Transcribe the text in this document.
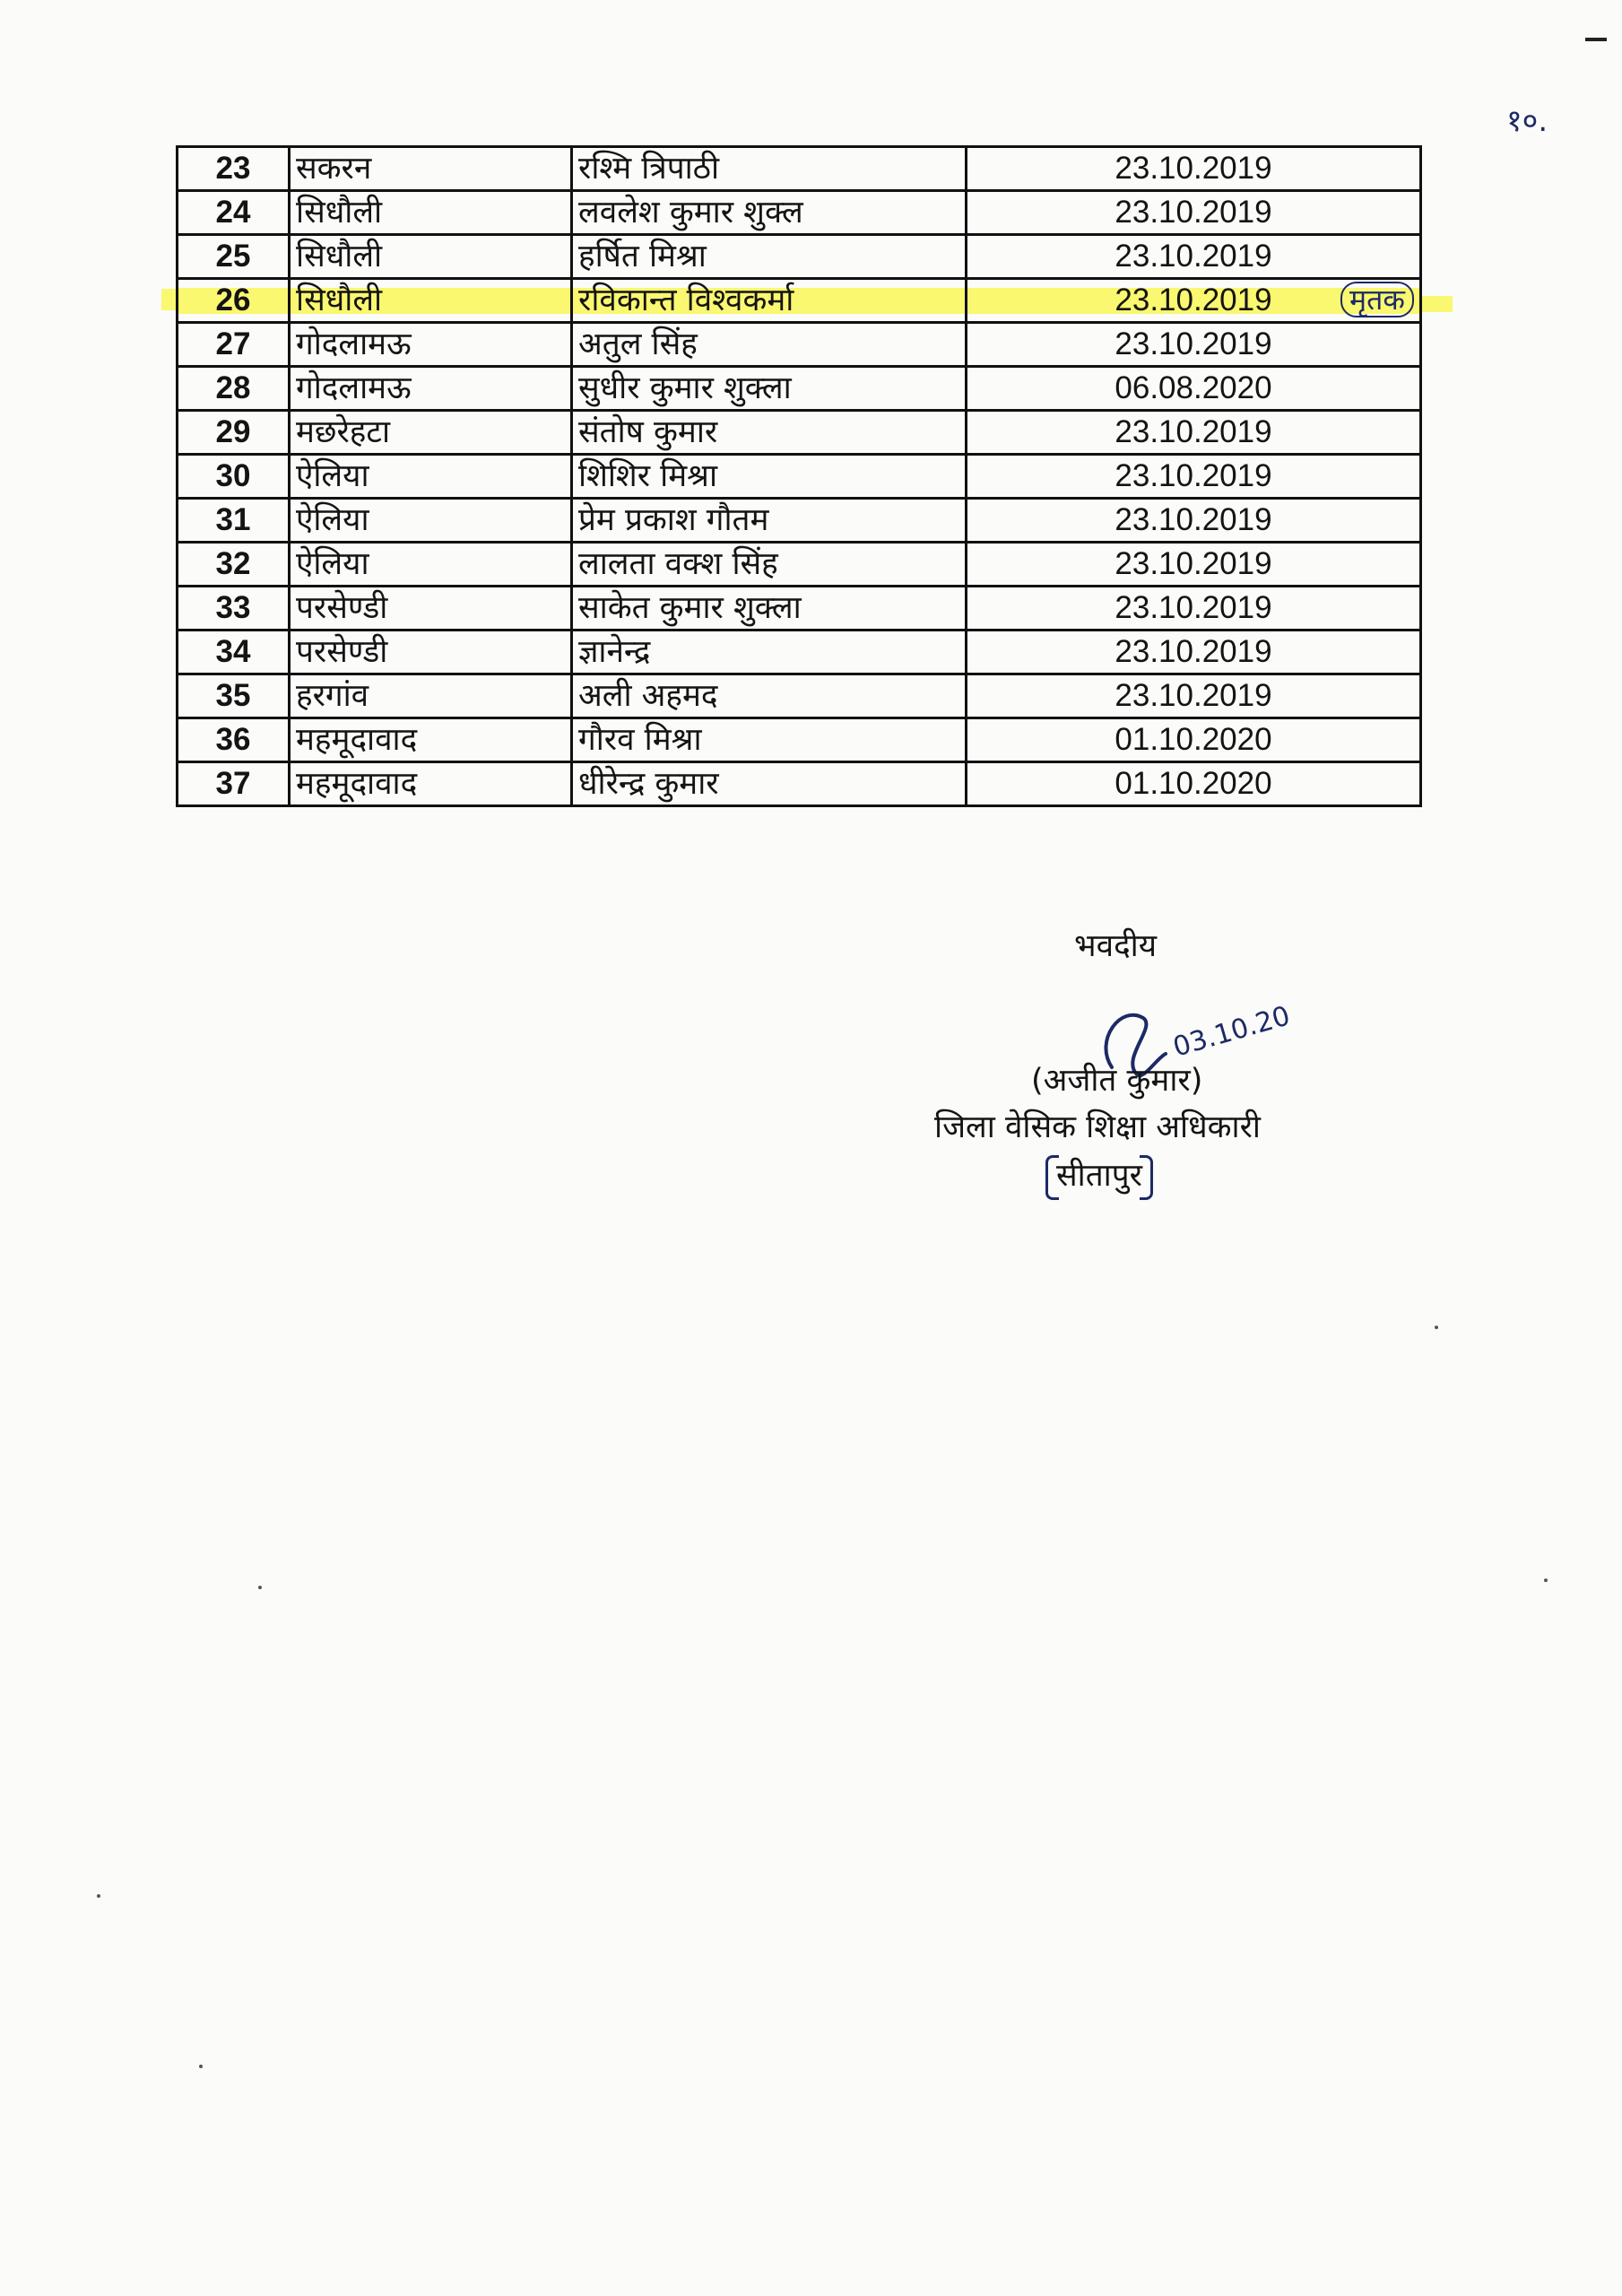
१०.
23	सकरन	रश्मि त्रिपाठी	23.10.2019
24	सिधौली	लवलेश कुमार शुक्ल	23.10.2019
25	सिधौली	हर्षित मिश्रा	23.10.2019
26	सिधौली	रविकान्त विश्वकर्मा	23.10.2019 मृतक

27	गोदलामऊ	अतुल सिंह	23.10.2019
28	गोदलामऊ	सुधीर कुमार शुक्ला	06.08.2020
29	मछरेहटा	संतोष कुमार	23.10.2019
30	ऐलिया	शिशिर मिश्रा	23.10.2019
31	ऐलिया	प्रेम प्रकाश गौतम	23.10.2019
32	ऐलिया	लालता वक्श सिंह	23.10.2019
33	परसेण्डी	साकेत कुमार शुक्ला	23.10.2019
34	परसेण्डी	ज्ञानेन्द्र	23.10.2019
35	हरगांव	अली अहमद	23.10.2019
36	महमूदावाद	गौरव मिश्रा	01.10.2020
37	महमूदावाद	धीरेन्द्र कुमार	01.10.2020
भवदीय
03.10.20
(अजीत कुमार)
जिला वेसिक शिक्षा अधिकारी
सीतापुर
